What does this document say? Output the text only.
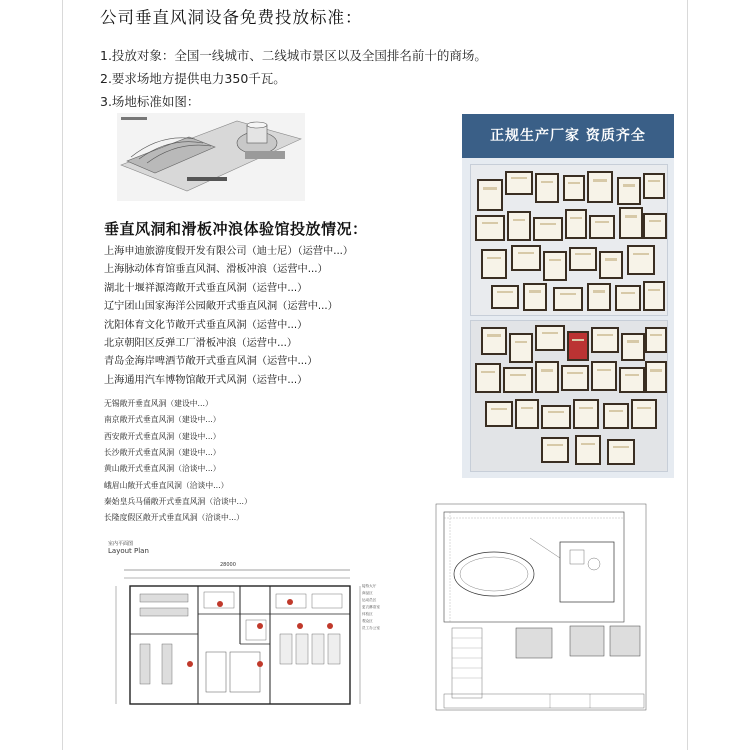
公司垂直风洞设备免费投放标准：
1.投放对象：全国一线城市、二线城市景区以及全国排名前十的商场。
2.要求场地方提供电力350千瓦。
3.场地标准如图：
垂直风洞和滑板冲浪体验馆投放情况：
上海申迪旅游度假开发有限公司（迪士尼）（运营中...）
上海脉动体育馆垂直风洞、滑板冲浪（运营中...）
湖北十堰祥源湾敞开式垂直风洞（运营中...）
辽宁团山国家海洋公园敞开式垂直风洞（运营中...）
沈阳体育文化节敞开式垂直风洞（运营中...）
北京朝阳区反弹工厂滑板冲浪（运营中...）
青岛金海岸啤酒节敞开式垂直风洞（运营中...）
上海通用汽车博物馆敞开式风洞（运营中...）
无锡敞开垂直风洞（建设中...）
南京敞开式垂直风洞（建设中...）
西安敞开式垂直风洞（建设中...）
长沙敞开式垂直风洞（建设中...）
黄山敞开式垂直风洞（洽谈中...）
峨眉山敞开式垂直风洞（洽谈中...）
秦始皇兵马俑敞开式垂直风洞（洽谈中...）
长隆度假区敞开式垂直风洞（洽谈中...）
正规生产厂家 资质齐全
室内平面图
Layout Plan
28000
接待大厅
商品区
运动员区
更衣淋浴室
体验区
观众区
员工办公室
